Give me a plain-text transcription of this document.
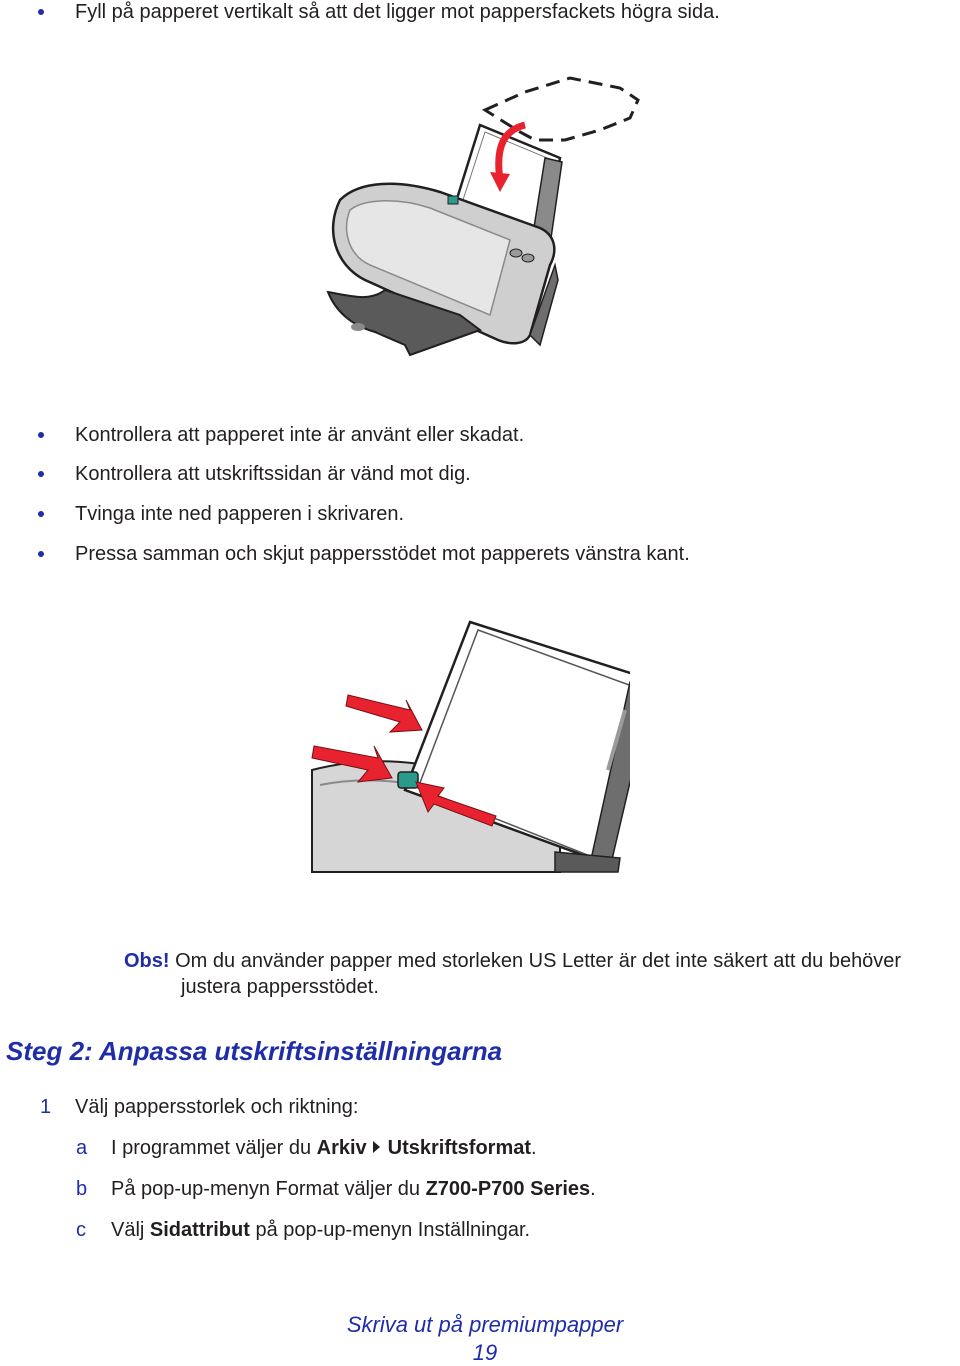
Fyll på papperet vertikalt så att det ligger mot pappersfackets högra sida.
Kontrollera att papperet inte är använt eller skadat.
Kontrollera att utskriftssidan är vänd mot dig.
Tvinga inte ned papperen i skrivaren.
Pressa samman och skjut pappersstödet mot papperets vänstra kant.
Obs! Om du använder papper med storleken US Letter är det inte säkert att du behöver
justera pappersstödet.
Steg 2: Anpassa utskriftsinställningarna
1 Välj pappersstorlek och riktning:
a I programmet väljer du Arkiv Utskriftsformat.
b På pop-up-menyn Format väljer du Z700-P700 Series.
c Välj Sidattribut på pop-up-menyn Inställningar.
Skriva ut på premiumpapper
19
